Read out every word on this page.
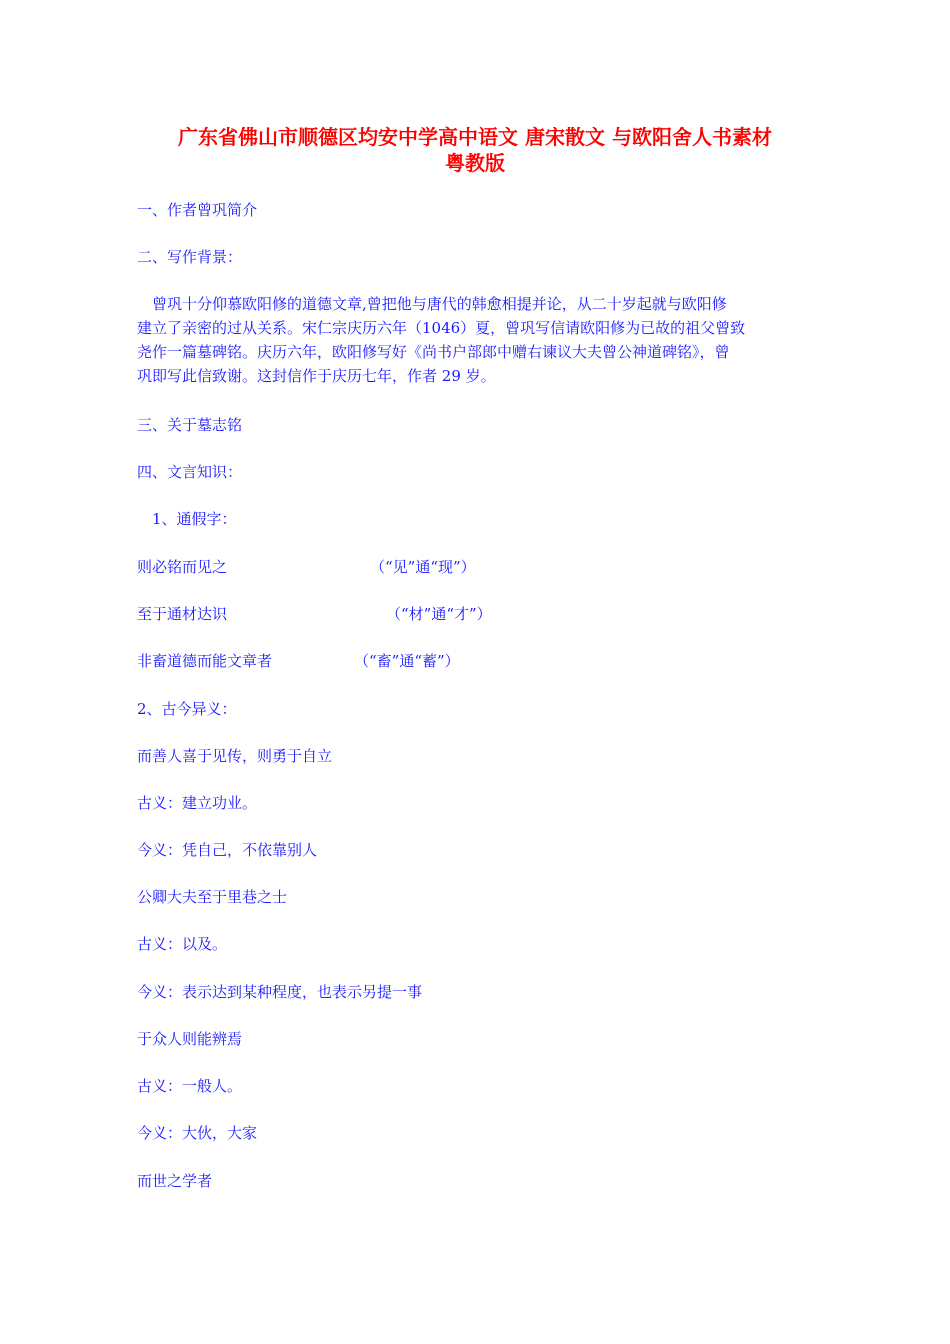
广东省佛山市顺德区均安中学高中语文 唐宋散文 与欧阳舍人书素材
粤教版

一、作者曾巩简介

二、写作背景：

　曾巩十分仰慕欧阳修的道德文章,曾把他与唐代的韩愈相提并论，从二十岁起就与欧阳修
建立了亲密的过从关系。宋仁宗庆历六年（1046）夏，曾巩写信请欧阳修为已故的祖父曾致
尧作一篇墓碑铭。庆历六年，欧阳修写好《尚书户部郎中赠右谏议大夫曾公神道碑铭》，曾
巩即写此信致谢。这封信作于庆历七年，作者 29 岁。

三、关于墓志铭

四、文言知识：

　1、通假字：

则必铭而见之	（“见”通“现”）

至于通材达识	（“材”通“才”）

非畜道德而能文章者	（“畜”通“蓄”）

2、古今异义：

而善人喜于见传，则勇于自立

古义：建立功业。

今义：凭自己，不依靠别人

公卿大夫至于里巷之士

古义：以及。

今义：表示达到某种程度，也表示另提一事

于众人则能辨焉

古义：一般人。

今义：大伙，大家

而世之学者
